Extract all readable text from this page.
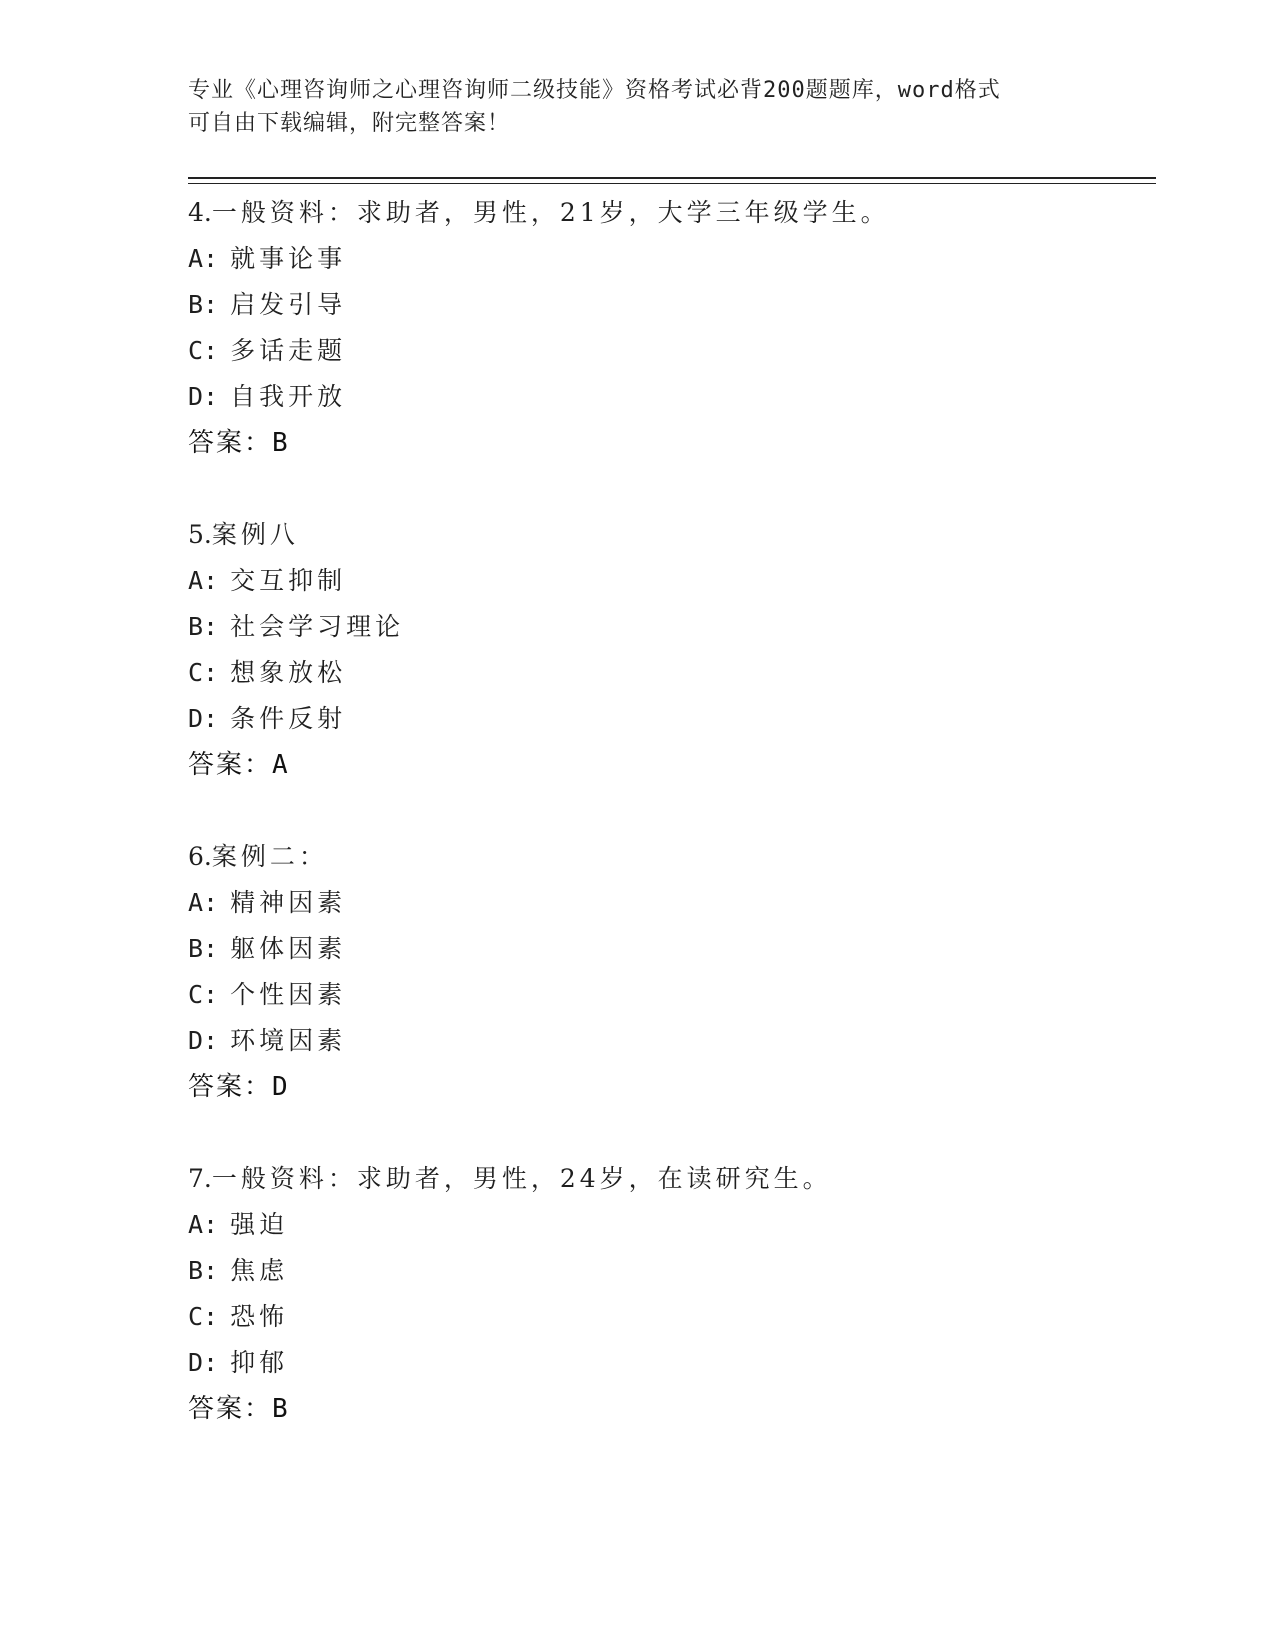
专业《心理咨询师之心理咨询师二级技能》资格考试必背200题题库，word格式

可自由下载编辑，附完整答案！

4.一般资料：求助者，男性，21岁，大学三年级学生。
A: 就事论事
B: 启发引导
C: 多话走题
D: 自我开放
答案：B
5.案例八
A: 交互抑制
B: 社会学习理论
C: 想象放松
D: 条件反射
答案：A
6.案例二：
A: 精神因素
B: 躯体因素
C: 个性因素
D: 环境因素
答案：D
7.一般资料：求助者，男性，24岁，在读研究生。
A: 强迫
B: 焦虑
C: 恐怖
D: 抑郁
答案：B
